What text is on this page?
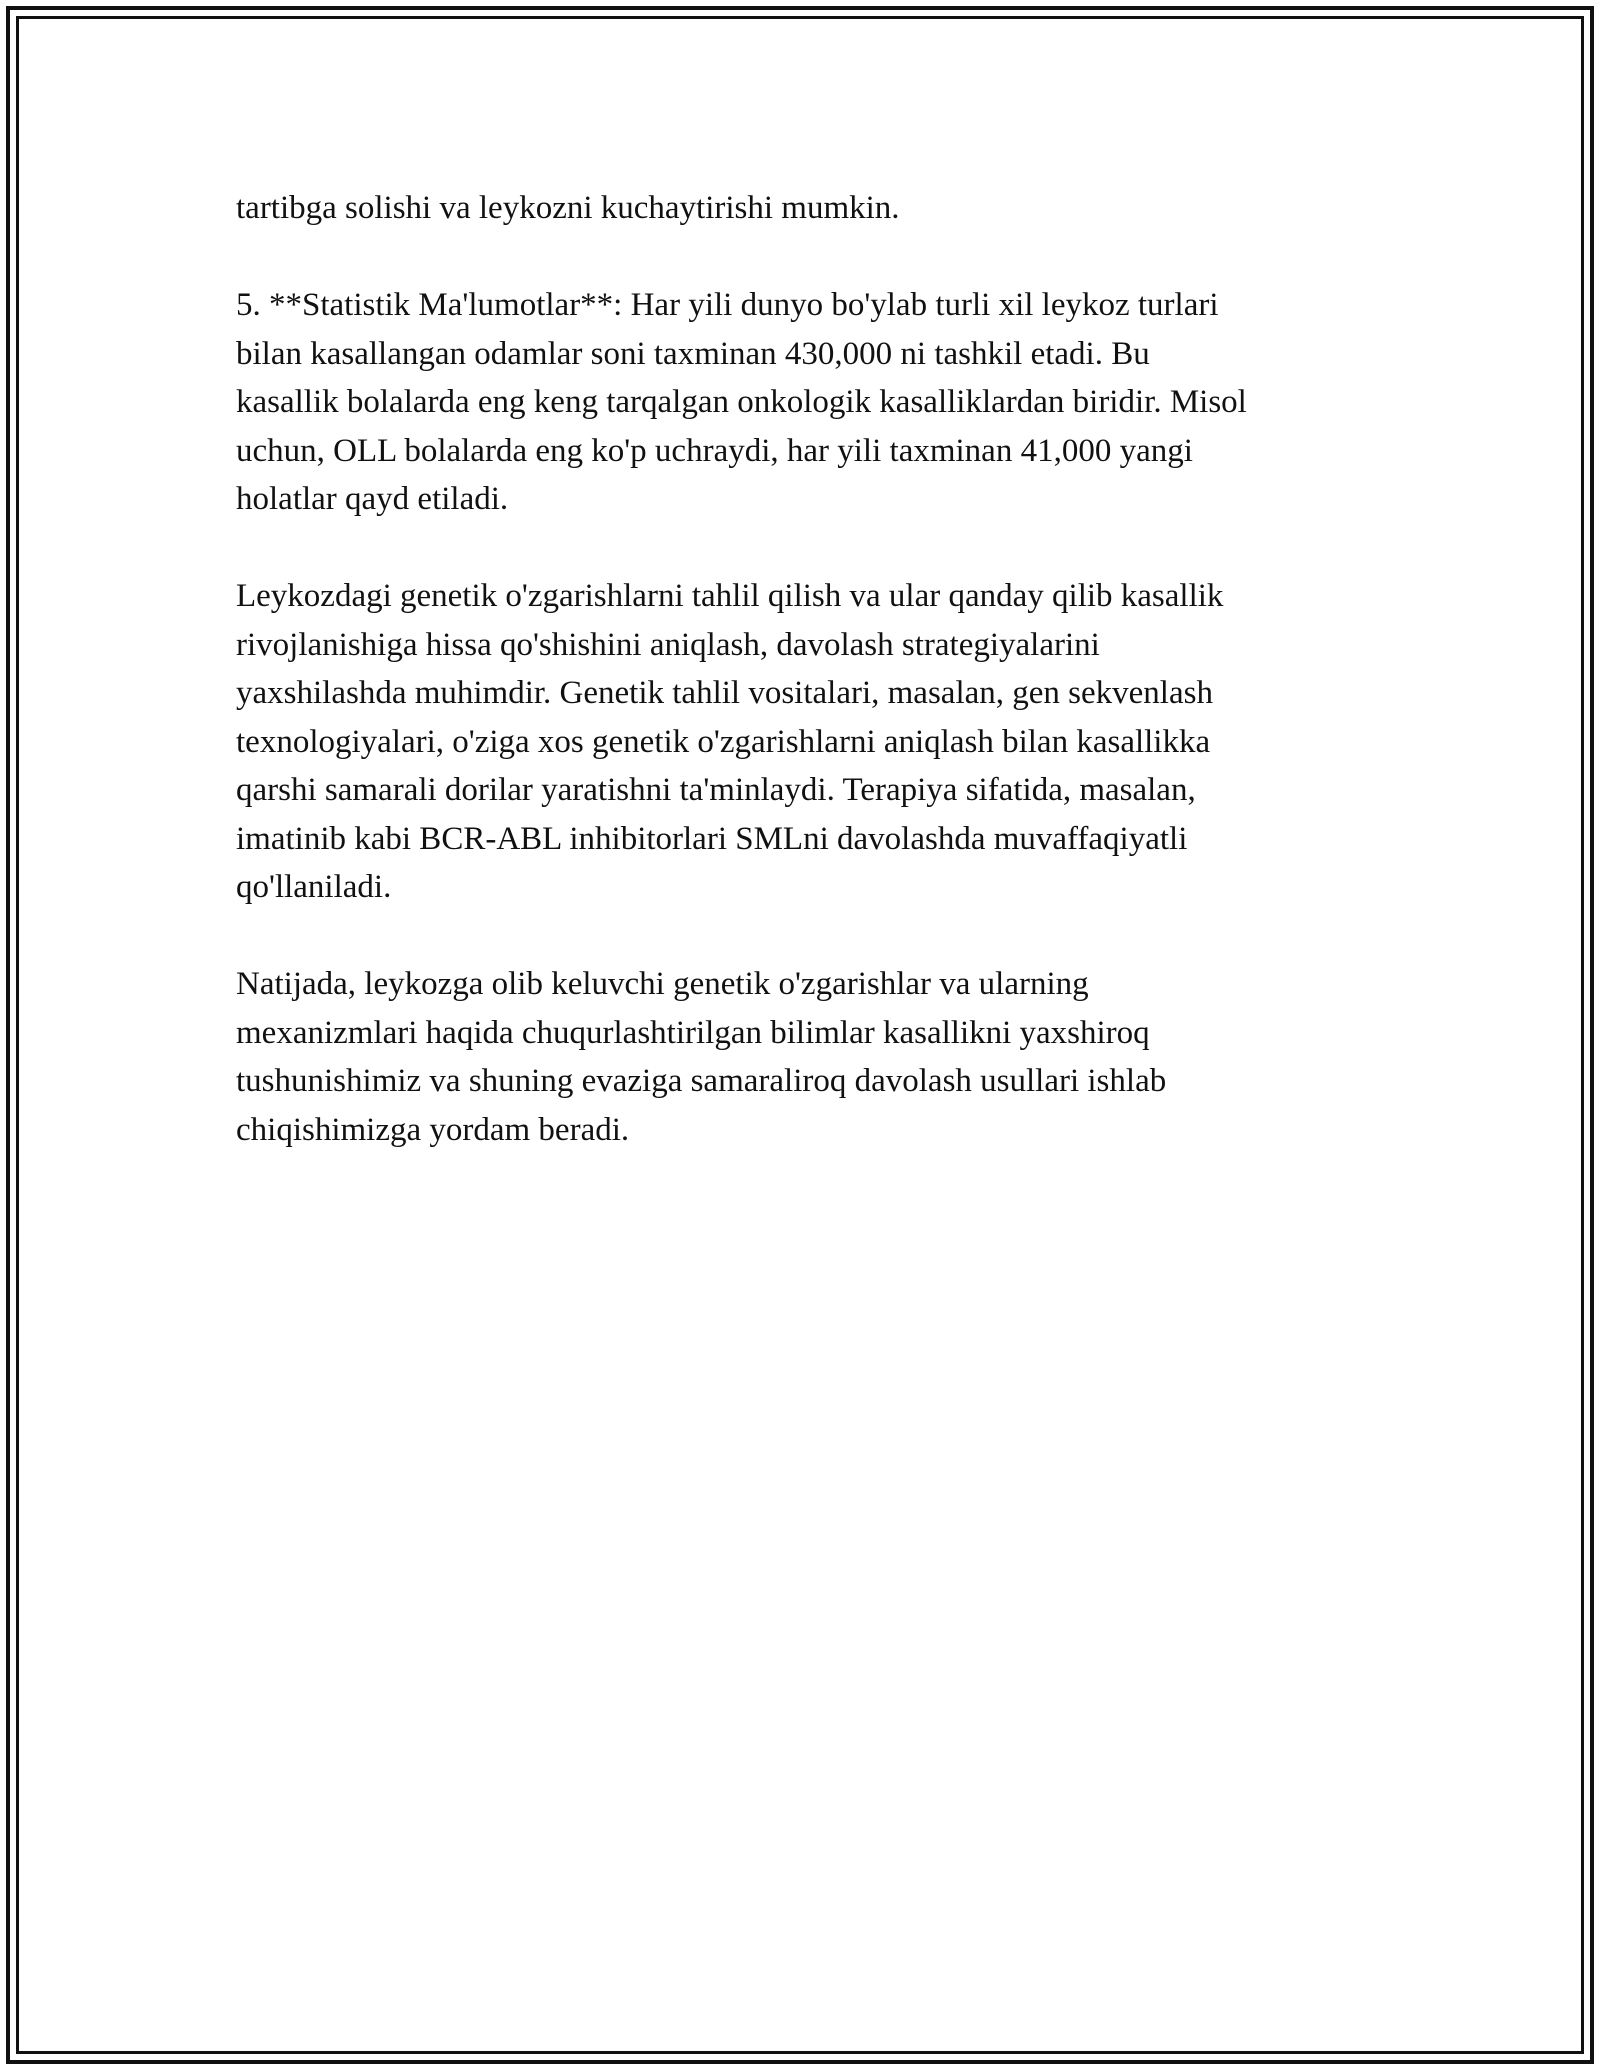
tartibga solishi va leykozni kuchaytirishi mumkin.

5. **Statistik Ma'lumotlar**: Har yili dunyo bo'ylab turli xil leykoz turlari
bilan kasallangan odamlar soni taxminan 430,000 ni tashkil etadi. Bu
kasallik bolalarda eng keng tarqalgan onkologik kasalliklardan biridir. Misol
uchun, OLL bolalarda eng ko'p uchraydi, har yili taxminan 41,000 yangi
holatlar qayd etiladi.

Leykozdagi genetik o'zgarishlarni tahlil qilish va ular qanday qilib kasallik
rivojlanishiga hissa qo'shishini aniqlash, davolash strategiyalarini
yaxshilashda muhimdir. Genetik tahlil vositalari, masalan, gen sekvenlash
texnologiyalari, o'ziga xos genetik o'zgarishlarni aniqlash bilan kasallikka
qarshi samarali dorilar yaratishni ta'minlaydi. Terapiya sifatida, masalan,
imatinib kabi BCR-ABL inhibitorlari SMLni davolashda muvaffaqiyatli
qo'llaniladi.

Natijada, leykozga olib keluvchi genetik o'zgarishlar va ularning
mexanizmlari haqida chuqurlashtirilgan bilimlar kasallikni yaxshiroq
tushunishimiz va shuning evaziga samaraliroq davolash usullari ishlab
chiqishimizga yordam beradi.
